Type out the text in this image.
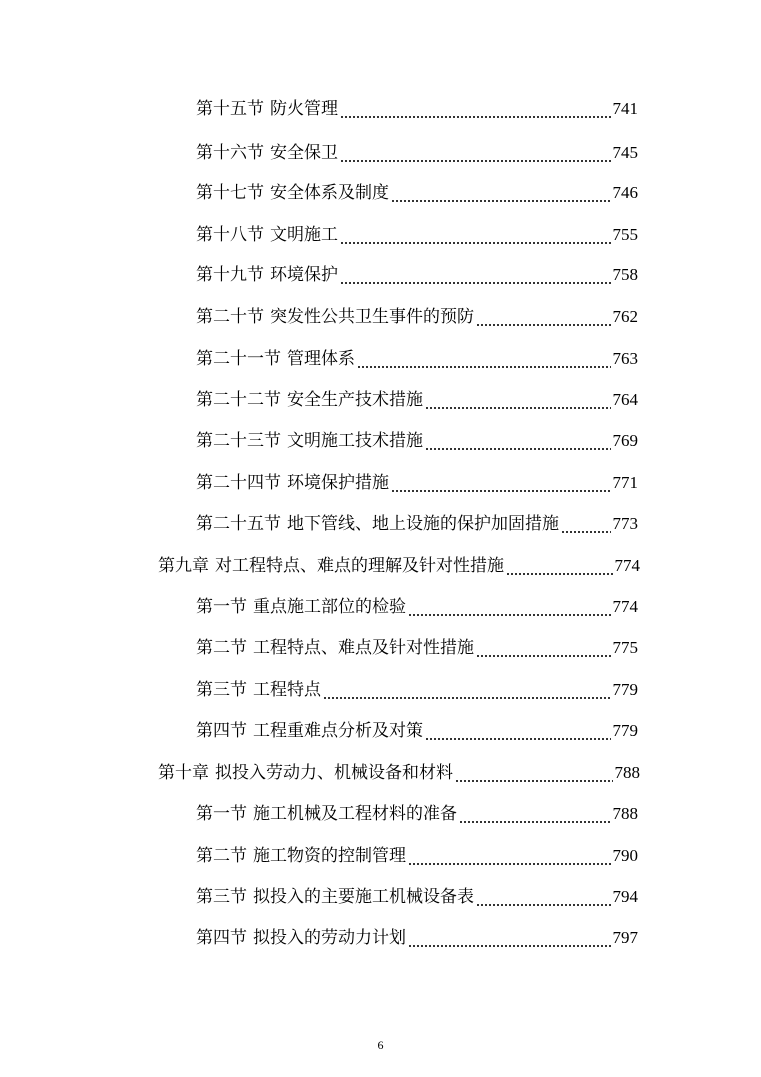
第十五节 防火管理	741
第十六节 安全保卫	745
第十七节 安全体系及制度	746
第十八节 文明施工	755
第十九节 环境保护	758
第二十节 突发性公共卫生事件的预防	762
第二十一节 管理体系	763
第二十二节 安全生产技术措施	764
第二十三节 文明施工技术措施	769
第二十四节 环境保护措施	771
第二十五节 地下管线、地上设施的保护加固措施	773
第九章 对工程特点、难点的理解及针对性措施	774
第一节 重点施工部位的检验	774
第二节 工程特点、难点及针对性措施	775
第三节 工程特点	779
第四节 工程重难点分析及对策	779
第十章 拟投入劳动力、机械设备和材料	788
第一节 施工机械及工程材料的准备	788
第二节 施工物资的控制管理	790
第三节 拟投入的主要施工机械设备表	794
第四节 拟投入的劳动力计划	797
6
